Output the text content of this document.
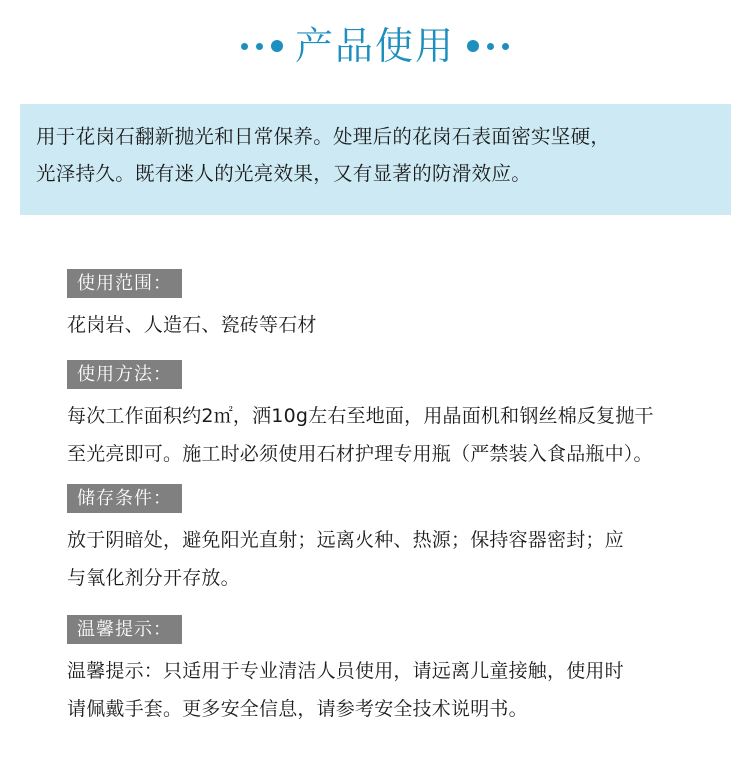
产品使用

用于花岗石翻新抛光和日常保养。处理后的花岗石表面密实坚硬，

光泽持久。既有迷人的光亮效果，又有显著的防滑效应。

使用范围：

花岗岩、人造石、瓷砖等石材

使用方法：

每次工作面积约2㎡，洒10g左右至地面，用晶面机和钢丝棉反复抛干

至光亮即可。施工时必须使用石材护理专用瓶（严禁装入食品瓶中）。

储存条件：

放于阴暗处，避免阳光直射；远离火种、热源；保持容器密封；应

与氧化剂分开存放。

温馨提示：

温馨提示：只适用于专业清洁人员使用，请远离儿童接触，使用时

请佩戴手套。更多安全信息，请参考安全技术说明书。
